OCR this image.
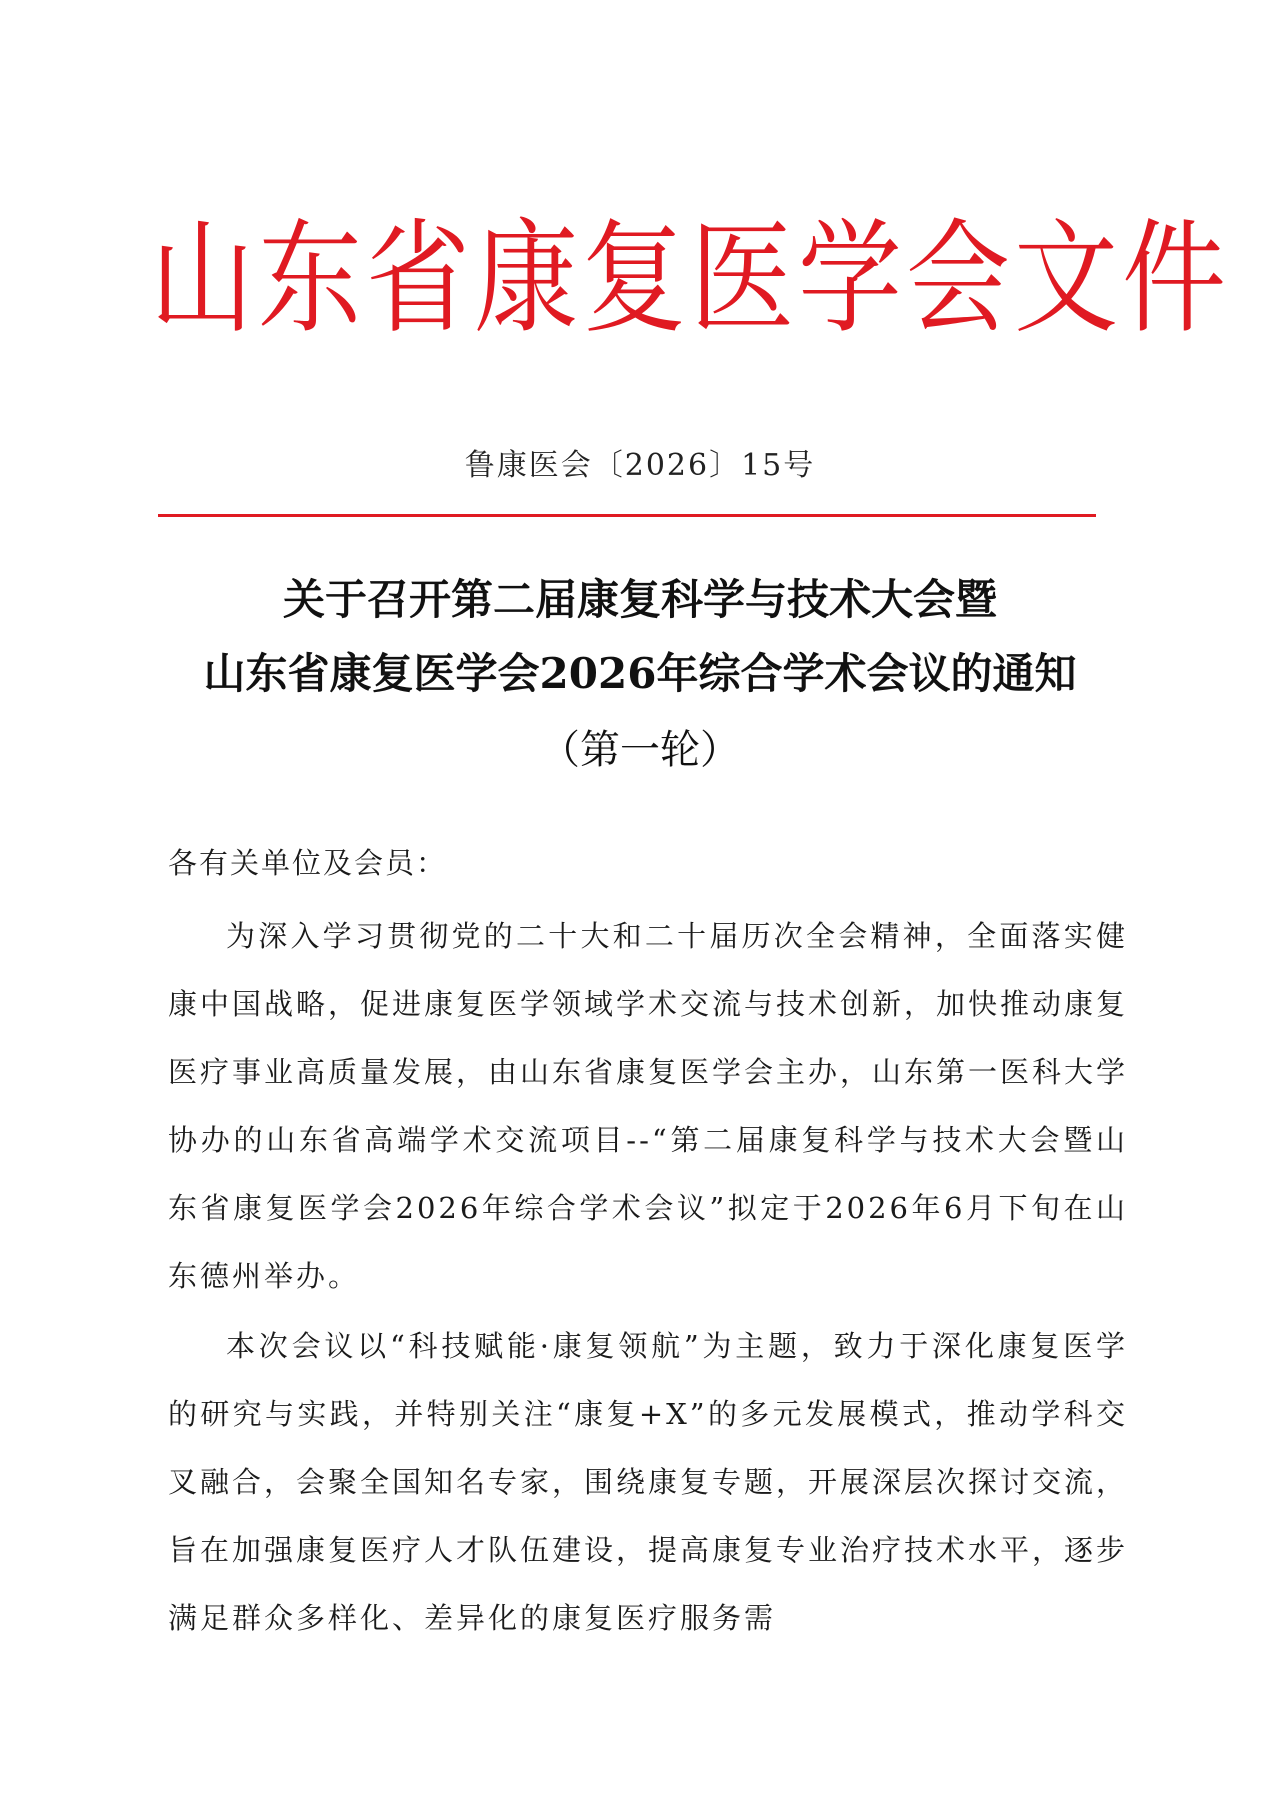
山东省康复医学会文件
鲁康医会〔2026〕15号
关于召开第二届康复科学与技术大会暨
山东省康复医学会2026年综合学术会议的通知
（第一轮）
各有关单位及会员：

为深入学习贯彻党的二十大和二十届历次全会精神，全面落实健康中国战略，促进康复医学领域学术交流与技术创新，加快推动康复医疗事业高质量发展，由山东省康复医学会主办，山东第一医科大学协办的山东省高端学术交流项目--“第二届康复科学与技术大会暨山东省康复医学会2026年综合学术会议”拟定于2026年6月下旬在山东德州举办。

本次会议以“科技赋能·康复领航”为主题，致力于深化康复医学的研究与实践，并特别关注“康复+X”的多元发展模式，推动学科交叉融合，会聚全国知名专家，围绕康复专题，开展深层次探讨交流，旨在加强康复医疗人才队伍建设，提高康复专业治疗技术水平，逐步满足群众多样化、差异化的康复医疗服务需
